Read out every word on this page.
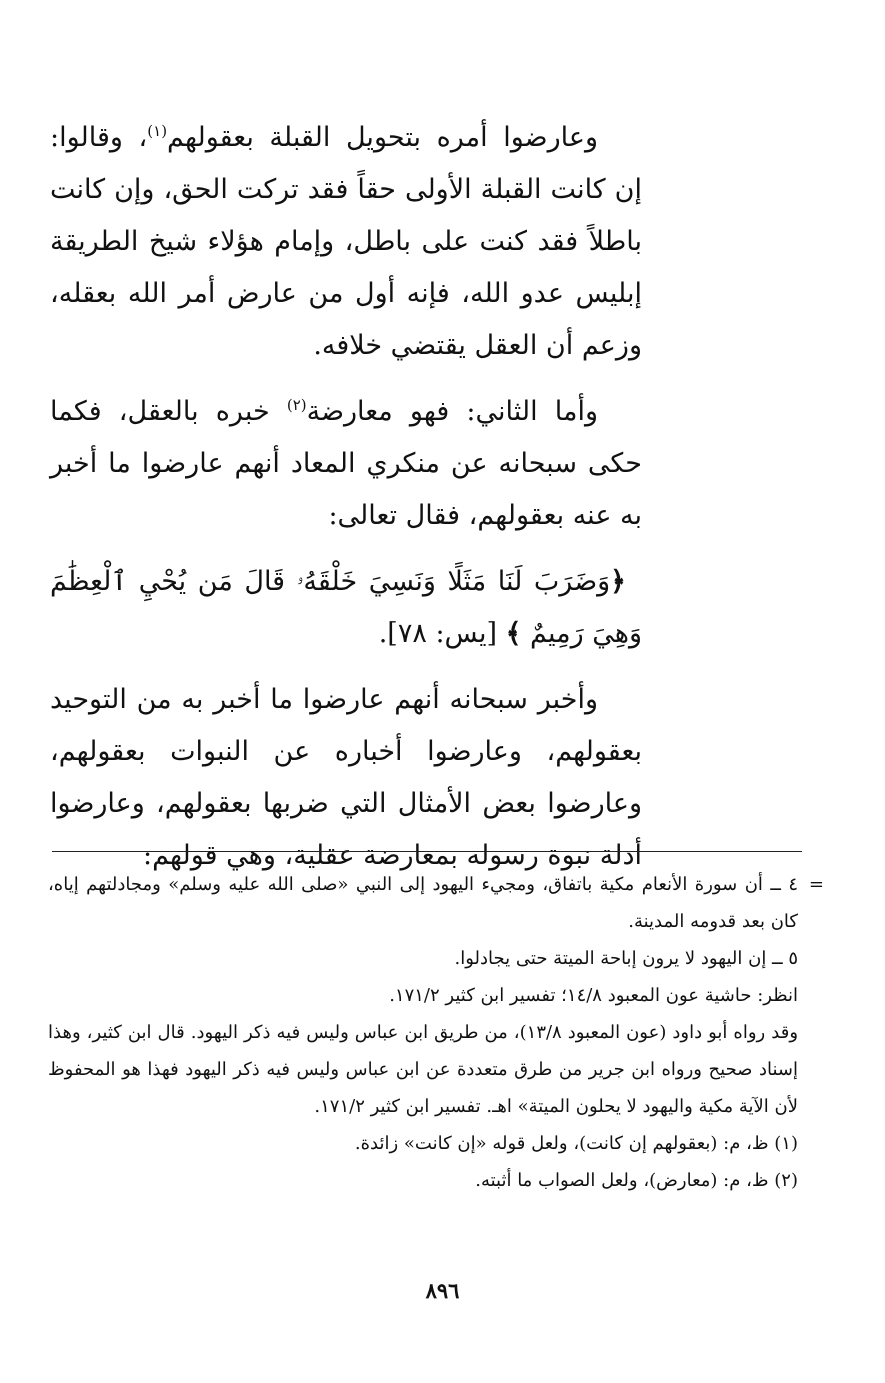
وعارضوا أمره بتحويل القبلة بعقولهم$^{(١)}$، وقالوا: إن كانت القبلة الأولى حقاً فقد تركت الحق، وإن كانت باطلاً فقد كنت على باطل، وإمام هؤلاء شيخ الطريقة إبليس عدو الله، فإنه أول من عارض أمر الله بعقله، وزعم أن العقل يقتضي خلافه.

وأما الثاني: فهو معارضة$^{(٢)}$ خبره بالعقل، فكما حكى سبحانه عن منكري المعاد أنهم عارضوا ما أخبر به عنه بعقولهم، فقال تعالى:

﴿وَضَرَبَ لَنَا مَثَلًا وَنَسِيَ خَلْقَهُۥ قَالَ مَن يُحْيِ ٱلْعِظَٰمَ وَهِيَ رَمِيمٌ ﴾ [يس: ٧٨].

وأخبر سبحانه أنهم عارضوا ما أخبر به من التوحيد بعقولهم، وعارضوا أخباره عن النبوات بعقولهم، وعارضوا بعض الأمثال التي ضربها بعقولهم، وعارضوا أدلة نبوة رسوله بمعارضة عقلية، وهي قولهم:

=

٤ ــ أن سورة الأنعام مكية باتفاق، ومجيء اليهود إلى النبي «صلى الله عليه وسلم» ومجادلتهم إياه، كان بعد قدومه المدينة.

٥ ــ إن اليهود لا يرون إباحة الميتة حتى يجادلوا.

انظر: حاشية عون المعبود ١٤/٨؛ تفسير ابن كثير ١٧١/٢.

وقد رواه أبو داود (عون المعبود ١٣/٨)، من طريق ابن عباس وليس فيه ذكر اليهود. قال ابن كثير، وهذا إسناد صحيح ورواه ابن جرير من طرق متعددة عن ابن عباس وليس فيه ذكر اليهود فهذا هو المحفوظ لأن الآية مكية واليهود لا يحلون الميتة» اهـ. تفسير ابن كثير ١٧١/٢.

(١) ظ، م: (بعقولهم إن كانت)، ولعل قوله «إن كانت» زائدة.

(٢) ظ، م: (معارض)، ولعل الصواب ما أثبته.

٨٩٦
